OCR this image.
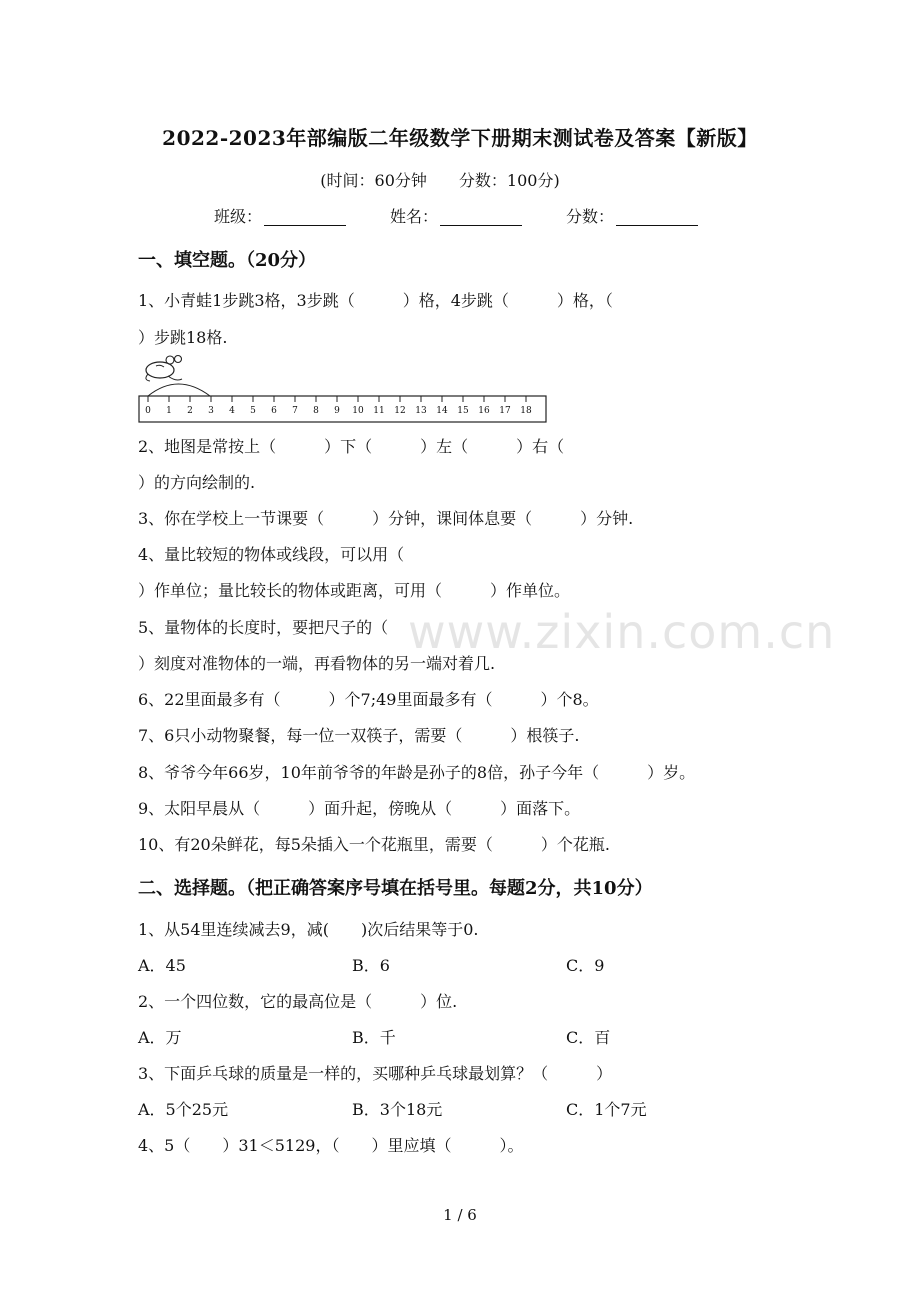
2022-2023年部编版二年级数学下册期末测试卷及答案【新版】
(时间：60分钟　　分数：100分)
班级：	姓名：	分数：
一、填空题。（20分）
1、小青蛙1步跳3格，3步跳（　　　）格，4步跳（　　　）格，（
）步跳18格.
0 1 2 3 4 5 6 7 8 9 10 11 12 13 14 15 16 17 18
2、地图是常按上（　　　）下（　　　）左（　　　）右（
）的方向绘制的.
3、你在学校上一节课要（　　　）分钟，课间体息要（　　　）分钟.
4、量比较短的物体或线段，可以用（
）作单位；量比较长的物体或距离，可用（　　　）作单位。
5、量物体的长度时，要把尺子的（
）刻度对准物体的一端，再看物体的另一端对着几.
6、22里面最多有（　　　）个7;49里面最多有（　　　）个8。
7、6只小动物聚餐，每一位一双筷子，需要（　　　）根筷子.
8、爷爷今年66岁，10年前爷爷的年龄是孙子的8倍，孙子今年（　　　）岁。
9、太阳早晨从（　　　）面升起，傍晚从（　　　）面落下。
10、有20朵鲜花，每5朵插入一个花瓶里，需要（　　　）个花瓶.
二、选择题。（把正确答案序号填在括号里。每题2分，共10分）
1、从54里连续减去9，减(　　)次后结果等于0.
A．45	B．6	C．9
2、一个四位数，它的最高位是（　　　）位.
A．万	B．千	C．百
3、下面乒乓球的质量是一样的，买哪种乒乓球最划算？（　　　）
A．5个25元	B．3个18元	C．1个7元
4、5（　　）31＜5129，（　　）里应填（　　　）。
www.zixin.com.cn
1 / 6
